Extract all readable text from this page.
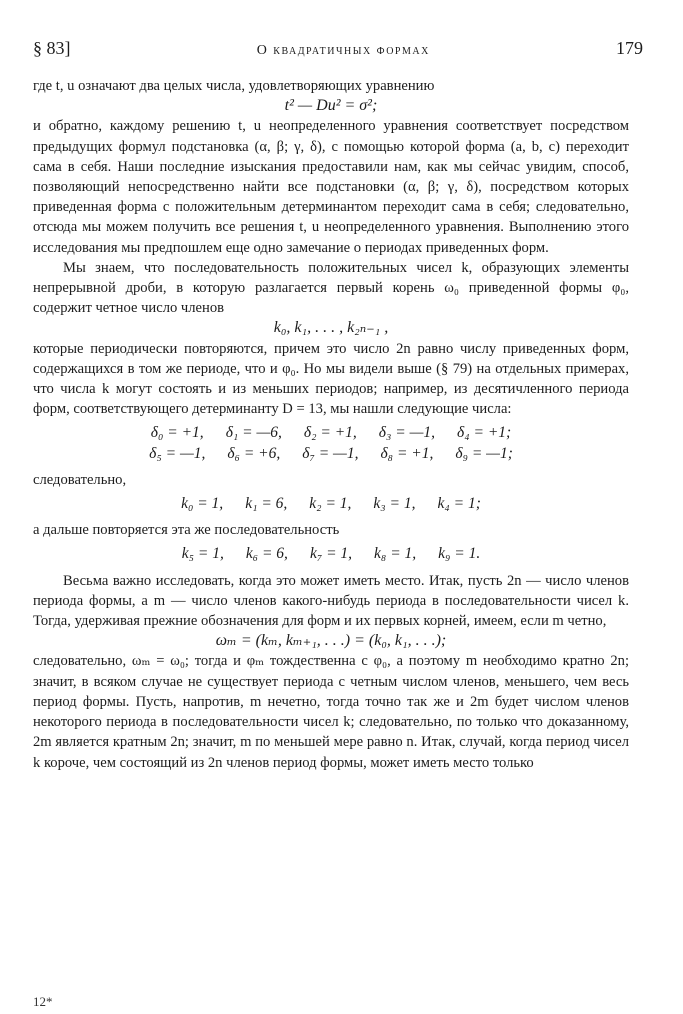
§ 83]	О квадратичных формах	179

где t, u означают два целых числа, удовлетворяющих уравнению

t² — Du² = σ²;

и обратно, каждому решению t, u неопределенного уравнения соответствует посредством предыдущих формул подстановка (α, β; γ, δ), с помощью которой форма (a, b, c) переходит сама в себя. Наши последние изыскания предоставили нам, как мы сейчас увидим, способ, позволяющий непосредственно найти все подстановки (α, β; γ, δ), посредством которых приведенная форма с положительным детерминантом переходит сама в себя; следовательно, отсюда мы можем получить все решения t, u неопределенного уравнения. Выполнению этого исследования мы предпошлем еще одно замечание о периодах приведенных форм.

Мы знаем, что последовательность положительных чисел k, образующих элементы непрерывной дроби, в которую разлагается первый корень ω₀ приведенной формы φ₀, содержит четное число членов

k₀, k₁, . . . , k₂ₙ₋₁ ,

которые периодически повторяются, причем это число 2n равно числу приведенных форм, содержащихся в том же периоде, что и φ₀. Но мы видели выше (§ 79) на отдельных примерах, что числа k могут состоять и из меньших периодов; например, из десятичленного периода форм, соответствующего детерминанту D = 13, мы нашли следующие числа:

δ₀ = +1, δ₁ = —6, δ₂ = +1, δ₃ = —1, δ₄ = +1;
δ₅ = —1, δ₆ = +6, δ₇ = —1, δ₈ = +1, δ₉ = —1;

следовательно,

k₀ = 1, k₁ = 6, k₂ = 1, k₃ = 1, k₄ = 1;

а дальше повторяется эта же последовательность

k₅ = 1, k₆ = 6, k₇ = 1, k₈ = 1, k₉ = 1.

Весьма важно исследовать, когда это может иметь место. Итак, пусть 2n — число членов периода формы, а m — число членов какого-нибудь периода в последовательности чисел k. Тогда, удерживая прежние обозначения для форм и их первых корней, имеем, если m четно,

ωₘ = (kₘ, kₘ₊₁, . . .) = (k₀, k₁, . . .);

следовательно, ωₘ = ω₀; тогда и φₘ тождественна с φ₀, а поэтому m необходимо кратно 2n; значит, в всяком случае не существует периода с четным числом членов, меньшего, чем весь период формы. Пусть, напротив, m нечетно, тогда точно так же и 2m будет числом членов некоторого периода в последовательности чисел k; следовательно, по только что доказанному, 2m является кратным 2n; значит, m по меньшей мере равно n. Итак, случай, когда период чисел k короче, чем состоящий из 2n членов период формы, может иметь место только

12*
